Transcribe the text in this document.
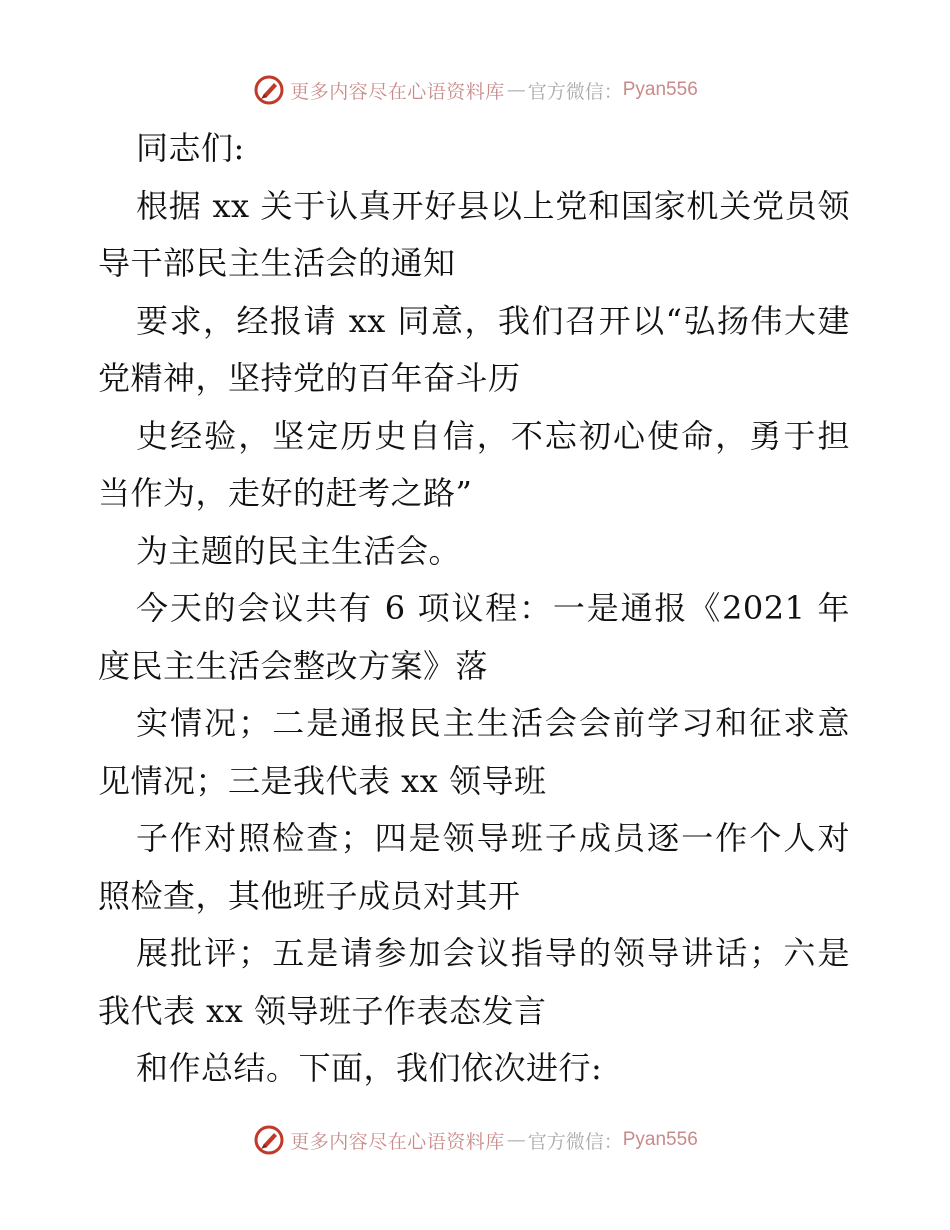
更多内容尽在心语资料库 — 官方微信： Pyan556

同志们:

根据 xx 关于认真开好县以上党和国家机关党员领导干部民主生活会的通知

要求，经报请 xx 同意，我们召开以“弘扬伟大建党精神，坚持党的百年奋斗历

史经验，坚定历史自信，不忘初心使命，勇于担当作为，走好的赶考之路”

为主题的民主生活会。

今天的会议共有 6 项议程：一是通报《2021 年度民主生活会整改方案》落

实情况；二是通报民主生活会会前学习和征求意见情况；三是我代表 xx 领导班

子作对照检查；四是领导班子成员逐一作个人对照检查，其他班子成员对其开

展批评；五是请参加会议指导的领导讲话；六是我代表 xx 领导班子作表态发言

和作总结。下面，我们依次进行:

更多内容尽在心语资料库 — 官方微信： Pyan556
